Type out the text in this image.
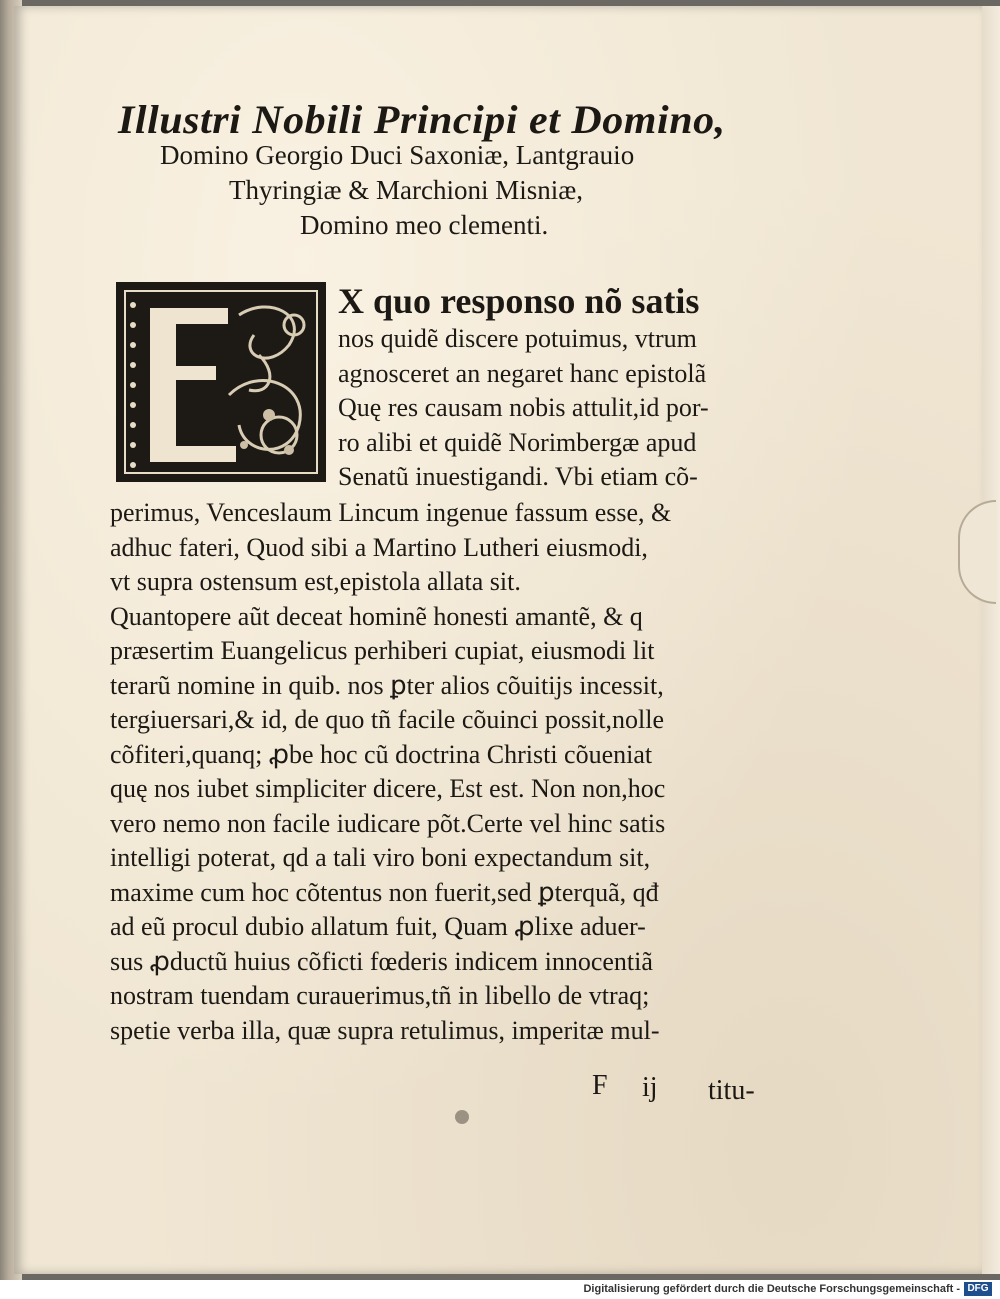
Illustri Nobili Principi et Domino,
Domino Georgio Duci Saxoniæ, Lantgrauio
Thyringiæ & Marchioni Misniæ,
Domino meo clementi.
X quo responso nõ satis
nos quidẽ discere potuimus, vtrum
agnosceret an negaret hanc epistolã
Quę res causam nobis attulit,id por-
ro alibi et quidẽ Norimbergæ apud
Senatũ inuestigandi. Vbi etiam cõ-
perimus, Venceslaum Lincum ingenue fassum esse, &
adhuc fateri, Quod sibi a Martino Lutheri eiusmodi,
vt supra ostensum est,epistola allata sit.
Quantopere aũt deceat hominẽ honesti amantẽ, & q
præsertim Euangelicus perhiberi cupiat, eiusmodi lit
terarũ nomine in quib. nos ꝑter alios cõuitijs incessit,
tergiuersari,& id, de quo tñ facile cõuinci possit,nolle
cõfiteri,quanq; ꝓbe hoc cũ doctrina Christi cõueniat
quę nos iubet simpliciter dicere, Est est. Non non,hoc
vero nemo non facile iudicare põt.Certe vel hinc satis
intelligi poterat, qd a tali viro boni expectandum sit,
maxime cum hoc cõtentus non fuerit,sed ꝑterquã, qđ
ad eũ procul dubio allatum fuit, Quam ꝓlixe aduer-
sus ꝓductũ huius cõficti fœderis indicem innocentiã
nostram tuendam curauerimus,tñ in libello de vtraq;
spetie verba illa, quæ supra retulimus, imperitæ mul-
F ij titu-
Digitalisierung gefördert durch die Deutsche Forschungsgemeinschaft - DFG
